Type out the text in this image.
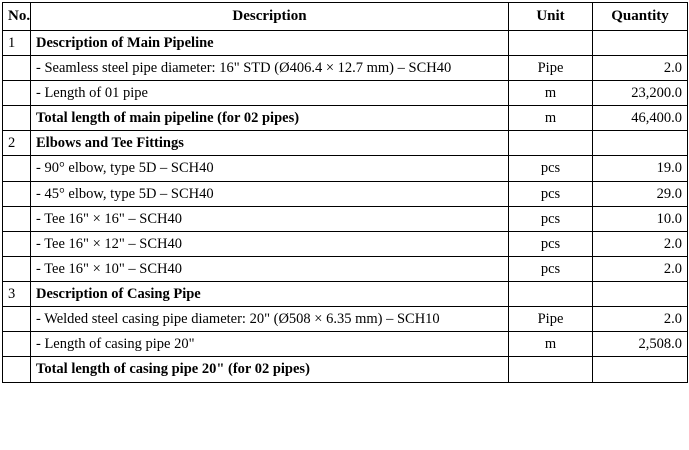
No.	Description	Unit	Quantity
1	Description of Main Pipeline		
	- Seamless steel pipe diameter: 16" STD (Ø406.4 × 12.7 mm) – SCH40	Pipe	2.0
	- Length of 01 pipe	m	23,200.0
	Total length of main pipeline (for 02 pipes)	m	46,400.0
2	Elbows and Tee Fittings		
	- 90° elbow, type 5D – SCH40	pcs	19.0
	- 45° elbow, type 5D – SCH40	pcs	29.0
	- Tee 16" × 16" – SCH40	pcs	10.0
	- Tee 16" × 12" – SCH40	pcs	2.0
	- Tee 16" × 10" – SCH40	pcs	2.0
3	Description of Casing Pipe		
	- Welded steel casing pipe diameter: 20" (Ø508 × 6.35 mm) – SCH10	Pipe	2.0
	- Length of casing pipe 20"	m	2,508.0
	Total length of casing pipe 20" (for 02 pipes)		
